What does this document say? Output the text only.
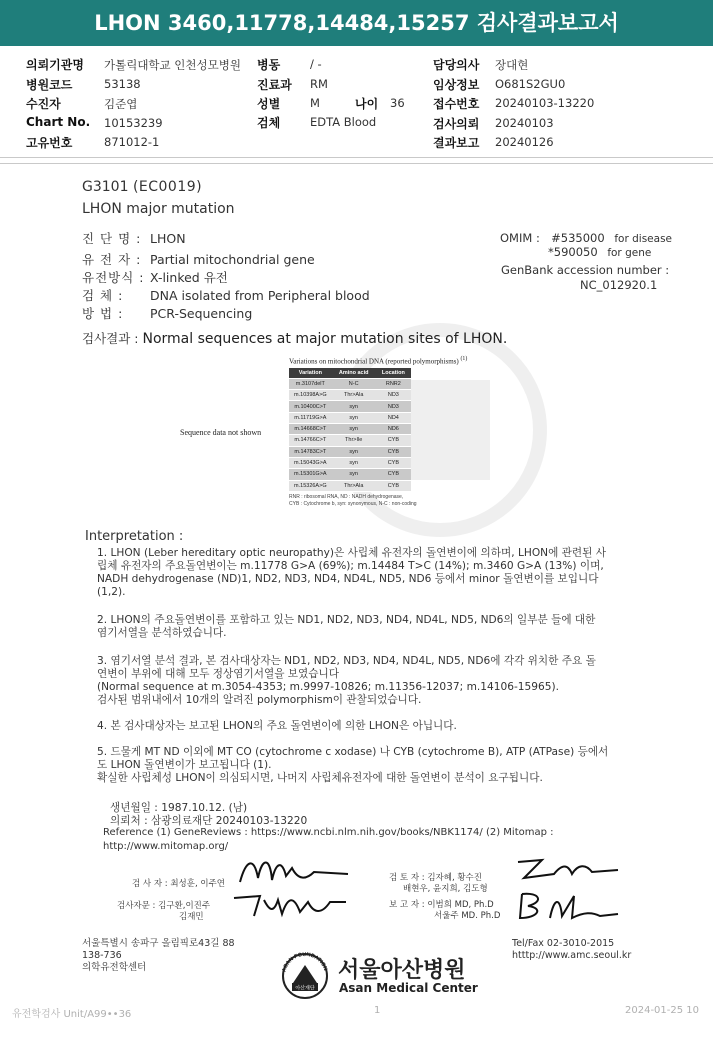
LHON 3460,11778,14484,15257 검사결과보고서
의뢰기관명 가톨릭대학교 인천성모병원 병동	/ -	담당의사 장대현
병원코드	53138	진료과 RM	임상정보 O681S2GU0
수진자	김준엽	성별	M	나이 36 접수번호 20240103-13220
Chart No. 10153239	검체	EDTA Blood	검사의뢰 20240103
고유번호	871012-1	결과보고 20240126
G3101 (EC0019)
LHON major mutation
진 단 명 : LHON
유 전 자 : Partial mitochondrial gene
유전방식 : X-linked 유전
검 체 : DNA isolated from Peripheral blood
방 법 : PCR-Sequencing
OMIM : #535000 for disease
*590050 for gene
GenBank accession number :
NC_012920.1
검사결과 : Normal sequences at major mutation sites of LHON.
Variations on mitochondrial DNA (reported polymorphisms) $^{(1)}$
Variation	Amino acid	Location
m.3107delT	N-C	RNR2
m.10398A>G	Thr>Ala	ND3
m.10400C>T	syn	ND3
m.11719G>A	syn	ND4
m.14668C>T	syn	ND6
m.14766C>T	Thr>Ile	CYB
m.14783C>T	syn	CYB
m.15043G>A	syn	CYB
m.15301G>A	syn	CYB
m.15326A>G	Thr>Ala	CYB
RNR : ribosomal RNA, ND : NADH dehydrogenase,
CYB : Cytochrome b, syn: synonymous, N-C : non-coding
Sequence data not shown
Interpretation :
1. LHON (Leber hereditary optic neuropathy)은 사립체 유전자의 돌연변이에 의하며, LHON에 관련된 사
립체 유전자의 주요돌연변이는 m.11778 G>A (69%); m.14484 T>C (14%); m.3460 G>A (13%) 이며,
NADH dehydrogenase (ND)1, ND2, ND3, ND4, ND4L, ND5, ND6 등에서 minor 돌연변이를 보입니다
(1,2).
2. LHON의 주요돌연변이를 포함하고 있는 ND1, ND2, ND3, ND4, ND4L, ND5, ND6의 일부분 들에 대한
염기서열을 분석하였습니다.
3. 염기서열 분석 결과, 본 검사대상자는 ND1, ND2, ND3, ND4, ND4L, ND5, ND6에 각각 위치한 주요 돌
연변이 부위에 대해 모두 정상염기서열을 보였습니다
(Normal sequence at m.3054-4353; m.9997-10826; m.11356-12037; m.14106-15965).
검사된 범위내에서 10개의 알려진 polymorphism이 관찰되었습니다.
4. 본 검사대상자는 보고된 LHON의 주요 돌연변이에 의한 LHON은 아닙니다.
5. 드물게 MT ND 이외에 MT CO (cytochrome c xodase) 나 CYB (cytochrome B), ATP (ATPase) 등에서
도 LHON 돌연변이가 보고됩니다 (1).
확실한 사립체성 LHON이 의심되시면, 나머지 사립체유전자에 대한 돌연변이 분석이 요구됩니다.
생년월일 : 1987.10.12. (남)
의뢰처 : 삼광의료재단 20240103-13220
Reference (1) GeneReviews : https://www.ncbi.nlm.nih.gov/books/NBK1174/ (2) Mitomap :
http://www.mitomap.org/
검 사 자 : 최성훈, 이주연
검사자문 : 김구환,이진주
김재민
검 토 자 : 김자혜, 황수진
배현우, 윤지희, 김도형
보 고 자 : 이범희 MD, Ph.D
서울주 MD. Ph.D
서울특별시 송파구 올림픽로43길 88
138-736
의학유전학센터
Tel/Fax 02-3010-2015
htttp://www.amc.seoul.kr
ASAN FOUNDATION
아산재단
서울아산병원
Asan Medical Center
유전학검사 Unit/A99••36	1	2024-01-25 10
